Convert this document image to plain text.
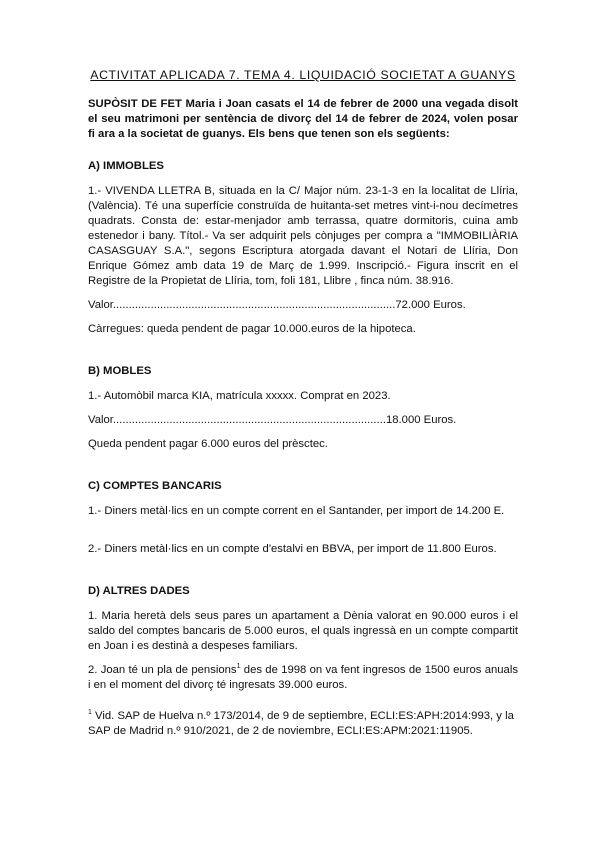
ACTIVITAT APLICADA 7. TEMA 4. LIQUIDACIÓ SOCIETAT A GUANYS

SUPÒSIT DE FET Maria i Joan casats el 14 de febrer de 2000 una vegada disolt el seu matrimoni per sentència de divorç del 14 de febrer de 2024, volen posar fi ara a la societat de guanys. Els bens que tenen son els següents:

A) IMMOBLES

1.- VIVENDA LLETRA B, situada en la C/ Major núm. 23-1-3 en la localitat de Llíria, (València). Té una superfície construïda de huitanta-set metres vint-i-nou decímetres quadrats. Consta de: estar-menjador amb terrassa, quatre dormitoris, cuina amb estenedor i bany. Títol.- Va ser adquirit pels cònjuges per compra a "IMMOBILIÀRIA CASASGUAY S.A.", segons Escriptura atorgada davant el Notari de Llíria, Don Enrique Gómez amb data 19 de Març de 1.999. Inscripció.- Figura inscrit en el Registre de la Propietat de Llíria, tom, foli 181, Llibre , finca núm. 38.916.

Valor..........................................................................................72.000 Euros.

Càrregues: queda pendent de pagar 10.000.euros de la hipoteca.

B) MOBLES

1.- Automòbil marca KIA, matrícula xxxxx. Comprat en 2023.

Valor.......................................................................................18.000 Euros.

Queda pendent pagar 6.000 euros del prèsctec.

C) COMPTES BANCARIS

1.- Diners metàl·lics en un compte corrent en el Santander, per import de 14.200 E.

2.- Diners metàl·lics en un compte d'estalvi en BBVA, per import de 11.800 Euros.

D) ALTRES DADES

1. Maria heretà dels seus pares un apartament a Dènia valorat en 90.000 euros i el saldo del comptes bancaris de 5.000 euros, el quals ingressà en un compte compartit en Joan i es destinà a despeses familiars.

2. Joan té un pla de pensions$^1$ des de 1998 on va fent ingresos de 1500 euros anuals i en el moment del divorç té ingresats 39.000 euros.

$^1$ Vid. SAP de Huelva n.º 173/2014, de 9 de septiembre, ECLI:ES:APH:2014:993, y la SAP de Madrid n.º 910/2021, de 2 de noviembre, ECLI:ES:APM:2021:11905.
